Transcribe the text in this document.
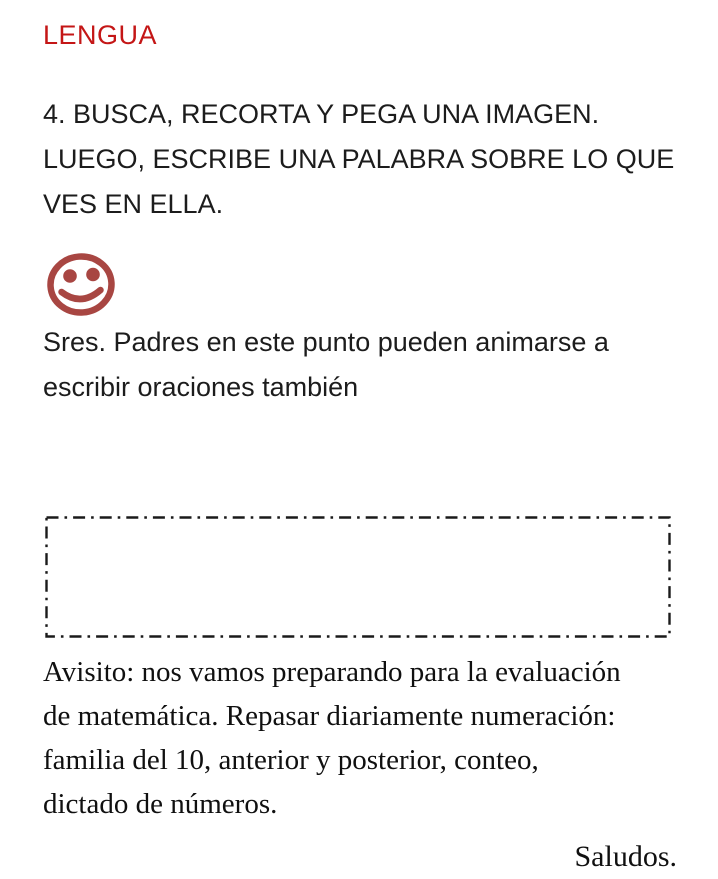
LENGUA
4. BUSCA, RECORTA Y PEGA UNA IMAGEN.
LUEGO, ESCRIBE UNA PALABRA SOBRE LO QUE
VES EN ELLA.
Sres. Padres en este punto pueden animarse a
escribir oraciones también
Avisito: nos vamos preparando para la evaluación
de matemática. Repasar diariamente numeración:
familia del 10, anterior y posterior, conteo,
dictado de números.
Saludos.
